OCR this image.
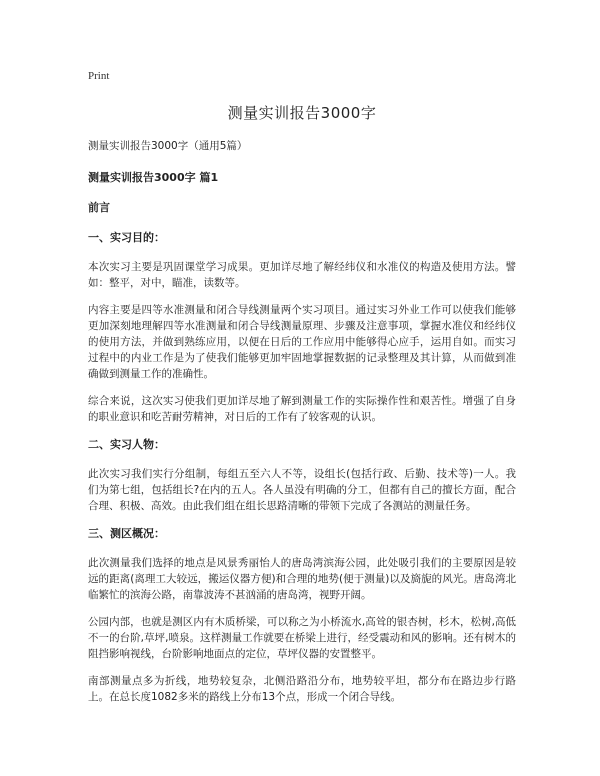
Print
测量实训报告3000字
测量实训报告3000字（通用5篇）
测量实训报告3000字 篇1
前言
一、实习目的：

本次实习主要是巩固课堂学习成果。更加详尽地了解经纬仪和水准仪的构造及使用方法。譬如：整平，对中，瞄准，读数等。

内容主要是四等水准测量和闭合导线测量两个实习项目。通过实习外业工作可以使我们能够更加深刻地理解四等水准测量和闭合导线测量原理、步骤及注意事项，掌握水准仪和经纬仪的使用方法，并做到熟练应用，以便在日后的工作应用中能够得心应手，运用自如。而实习过程中的内业工作是为了使我们能够更加牢固地掌握数据的记录整理及其计算，从而做到准确做到测量工作的准确性。

综合来说，这次实习使我们更加详尽地了解到测量工作的实际操作性和艰苦性。增强了自身的职业意识和吃苦耐劳精神，对日后的工作有了较客观的认识。

二、实习人物：

此次实习我们实行分组制，每组五至六人不等，设组长(包括行政、后勤、技术等)一人。我们为第七组，包括组长?在内的五人。各人虽没有明确的分工，但都有自己的擅长方面，配合合理、积极、高效。由此我们组在组长思路清晰的带领下完成了各测站的测量任务。

三、测区概况：

此次测量我们选择的地点是风景秀丽怡人的唐岛湾滨海公园，此处吸引我们的主要原因是较远的距离(离理工大较远，搬运仪器方便)和合理的地势(便于测量)以及旖旎的风光。唐岛湾北临繁忙的滨海公路，南靠波涛不甚汹涌的唐岛湾，视野开阔。

公园内部，也就是测区内有木质桥梁，可以称之为小桥流水,高耸的银杏树，杉木，松树,高低不一的台阶,草坪,喷泉。这样测量工作就要在桥梁上进行，经受震动和风的影响。还有树木的阻挡影响视线，台阶影响地面点的定位，草坪仪器的安置整平。

南部测量点多为折线，地势较复杂，北侧沿路沿分布，地势较平坦，都分布在路边步行路上。在总长度1082多米的路线上分布13个点，形成一个闭合导线。
